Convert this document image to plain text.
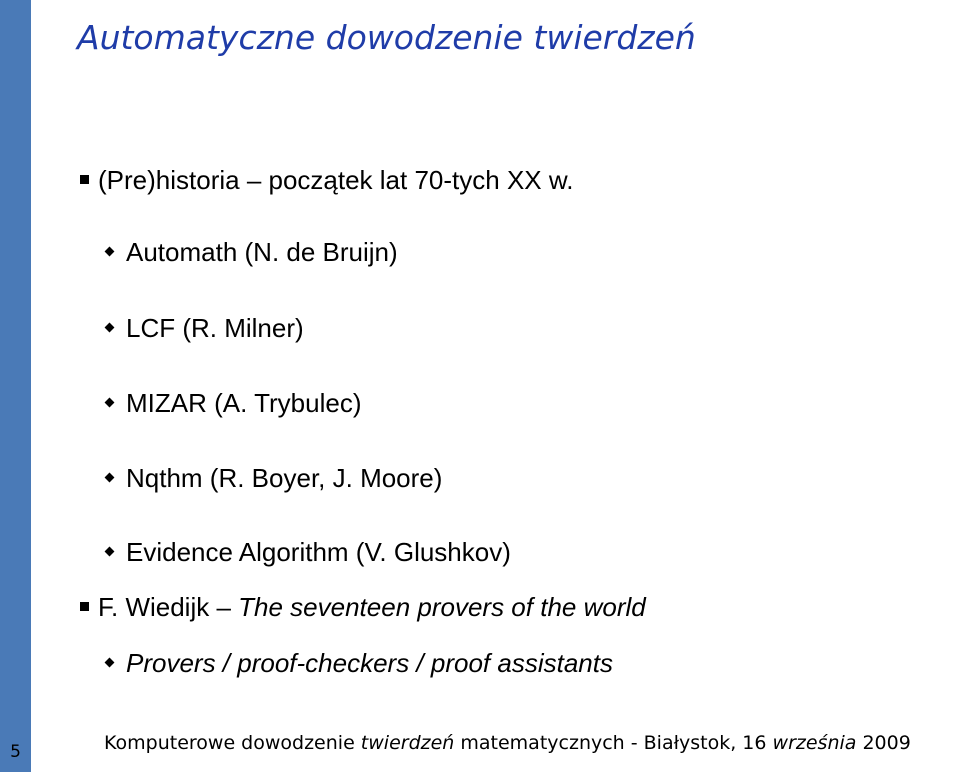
5
Automatyczne dowodzenie twierdzeń
(Pre)historia – początek lat 70-tych XX w.
Automath (N. de Bruijn)
LCF (R. Milner)
MIZAR (A. Trybulec)
Nqthm (R. Boyer, J. Moore)
Evidence Algorithm (V. Glushkov)
F. Wiedijk – The seventeen provers of the world
Provers / proof-checkers / proof assistants
Komputerowe dowodzenie twierdzeń matematycznych - Białystok, 16 września 2009
